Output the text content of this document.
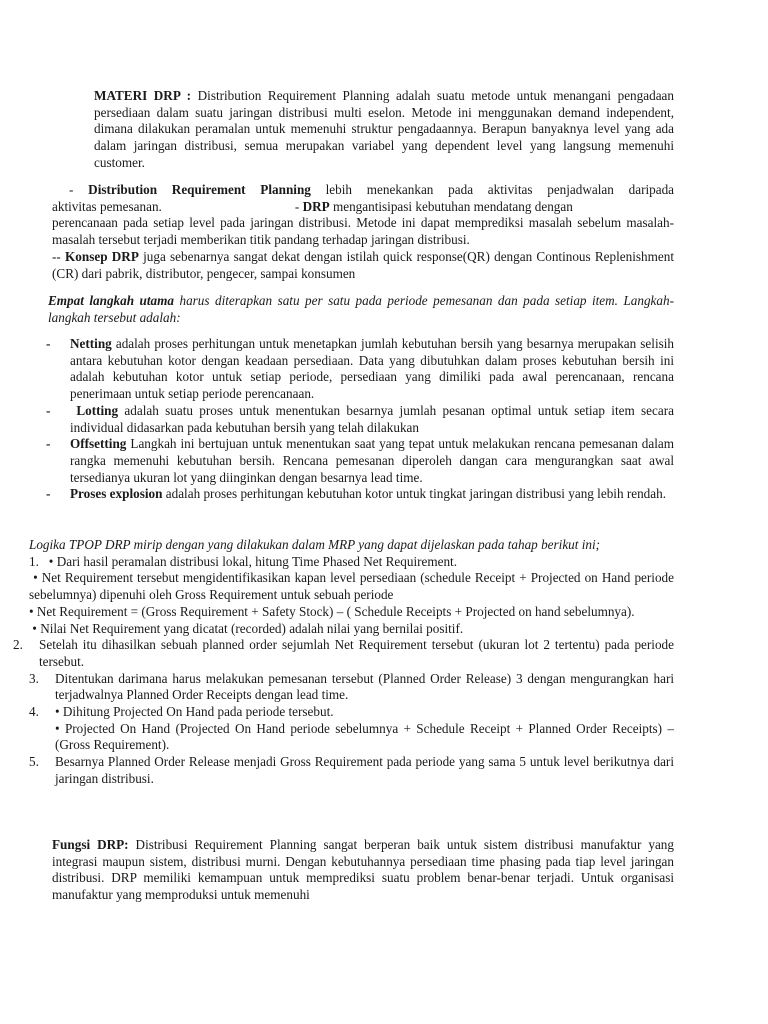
MATERI DRP : Distribution Requirement Planning adalah suatu metode untuk menangani pengadaan persediaan dalam suatu jaringan distribusi multi eselon. Metode ini menggunakan demand independent, dimana dilakukan peramalan untuk memenuhi struktur pengadaannya. Berapun banyaknya level yang ada dalam jaringan distribusi, semua merupakan variabel yang dependent level yang langsung memenuhi customer.

- Distribution Requirement Planning lebih menekankan pada aktivitas penjadwalan daripada

aktivitas pemesanan.	- DRP mengantisipasi kebutuhan mendatang dengan

perencanaan pada setiap level pada jaringan distribusi. Metode ini dapat memprediksi masalah sebelum masalah-masalah tersebut terjadi memberikan titik pandang terhadap jaringan distribusi.

-- Konsep DRP juga sebenarnya sangat dekat dengan istilah quick response(QR) dengan Continous Replenishment (CR) dari pabrik, distributor, pengecer, sampai konsumen

Empat langkah utama harus diterapkan satu per satu pada periode pemesanan dan pada setiap item. Langkah-langkah tersebut adalah:

- Netting adalah proses perhitungan untuk menetapkan jumlah kebutuhan bersih yang besarnya merupakan selisih antara kebutuhan kotor dengan keadaan persediaan. Data yang dibutuhkan dalam proses kebutuhan bersih ini adalah kebutuhan kotor untuk setiap periode, persediaan yang dimiliki pada awal perencanaan, rencana penerimaan untuk setiap periode perencanaan.

-	Lotting adalah suatu proses untuk menentukan besarnya jumlah pesanan optimal untuk setiap item secara individual didasarkan pada kebutuhan bersih yang telah dilakukan

- Offsetting Langkah ini bertujuan untuk menentukan saat yang tepat untuk melakukan rencana pemesanan dalam rangka memenuhi kebutuhan bersih. Rencana pemesanan diperoleh dangan cara mengurangkan saat awal tersedianya ukuran lot yang diinginkan dengan besarnya lead time.

- Proses explosion adalah proses perhitungan kebutuhan kotor untuk tingkat jaringan distribusi yang lebih rendah.

Logika TPOP DRP mirip dengan yang dilakukan dalam MRP yang dapat dijelaskan pada tahap berikut ini;

1. • Dari hasil peramalan distribusi lokal, hitung Time Phased Net Requirement.

• Net Requirement tersebut mengidentifikasikan kapan level persediaan (schedule Receipt + Projected on Hand periode sebelumnya) dipenuhi oleh Gross Requirement untuk sebuah periode

• Net Requirement = (Gross Requirement + Safety Stock) – ( Schedule Receipts + Projected on hand sebelumnya).

• Nilai Net Requirement yang dicatat (recorded) adalah nilai yang bernilai positif.

2. Setelah itu dihasilkan sebuah planned order sejumlah Net Requirement tersebut (ukuran lot 2 tertentu) pada periode tersebut.

3. Ditentukan darimana harus melakukan pemesanan tersebut (Planned Order Release) 3 dengan mengurangkan hari terjadwalnya Planned Order Receipts dengan lead time.

4. • Dihitung Projected On Hand pada periode tersebut.

• Projected On Hand (Projected On Hand periode sebelumnya + Schedule Receipt + Planned Order Receipts) – (Gross Requirement).

5. Besarnya Planned Order Release menjadi Gross Requirement pada periode yang sama 5 untuk level berikutnya dari jaringan distribusi.

Fungsi DRP: Distribusi Requirement Planning sangat berperan baik untuk sistem distribusi manufaktur yang integrasi maupun sistem, distribusi murni. Dengan kebutuhannya persediaan time phasing pada tiap level jaringan distribusi. DRP memiliki kemampuan untuk memprediksi suatu problem benar-benar terjadi. Untuk organisasi manufaktur yang memproduksi untuk memenuhi
